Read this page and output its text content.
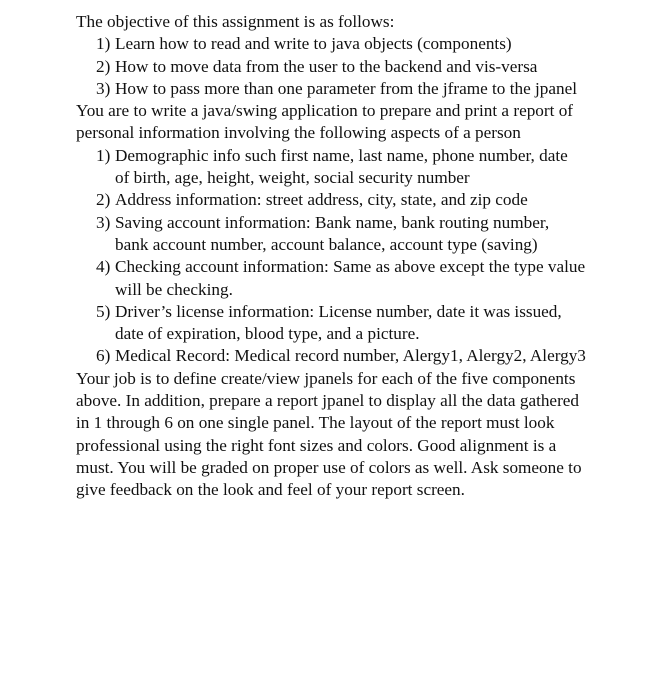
The objective of this assignment is as follows:

1) Learn how to read and write to java objects (components)
2) How to move data from the user to the backend and vis-versa
3) How to pass more than one parameter from the jframe to the jpanel

You are to write a java/swing application to prepare and print a report of personal information involving the following aspects of a person

1) Demographic info such first name, last name, phone number, date of birth, age, height, weight, social security number
2) Address information: street address, city, state, and zip code
3) Saving account information: Bank name, bank routing number, bank account number, account balance, account type (saving)
4) Checking account information: Same as above except the type value will be checking.
5) Driver’s license information: License number, date it was issued, date of expiration, blood type, and a picture.
6) Medical Record: Medical record number, Alergy1, Alergy2, Alergy3

Your job is to define create/view jpanels for each of the five components above. In addition, prepare a report jpanel to display all the data gathered in 1 through 6 on one single panel. The layout of the report must look professional using the right font sizes and colors. Good alignment is a must. You will be graded on proper use of colors as well. Ask someone to give feedback on the look and feel of your report screen.
